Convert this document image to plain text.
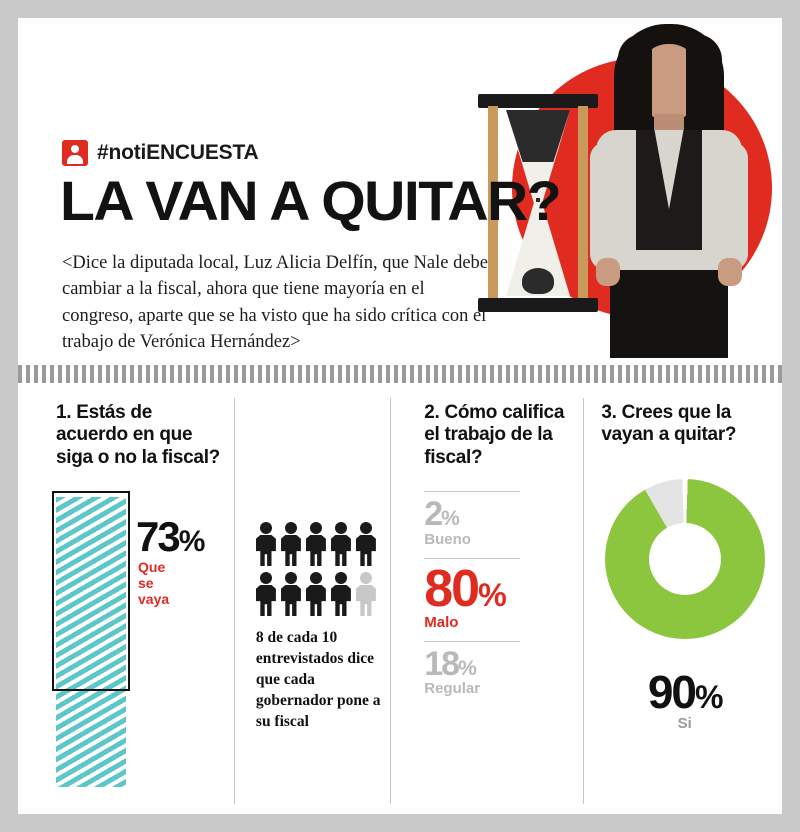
#notiENCUESTA
LA VAN A QUITAR?
<Dice la diputada local, Luz Alicia Delfín, que Nale debe cambiar a la fiscal, ahora que tiene mayoría en el congreso, aparte que se ha visto que ha sido crítica con el trabajo de Verónica Hernández>
1. Estás de acuerdo en que siga o no la fiscal?
73%
Que se vaya
8 de cada 10 entrevistados dice que cada gobernador pone a su fiscal
2. Cómo califica el trabajo de la fiscal?
2%
Bueno
80%
Malo
18%
Regular
3. Crees que la vayan a quitar?
90%
Si
